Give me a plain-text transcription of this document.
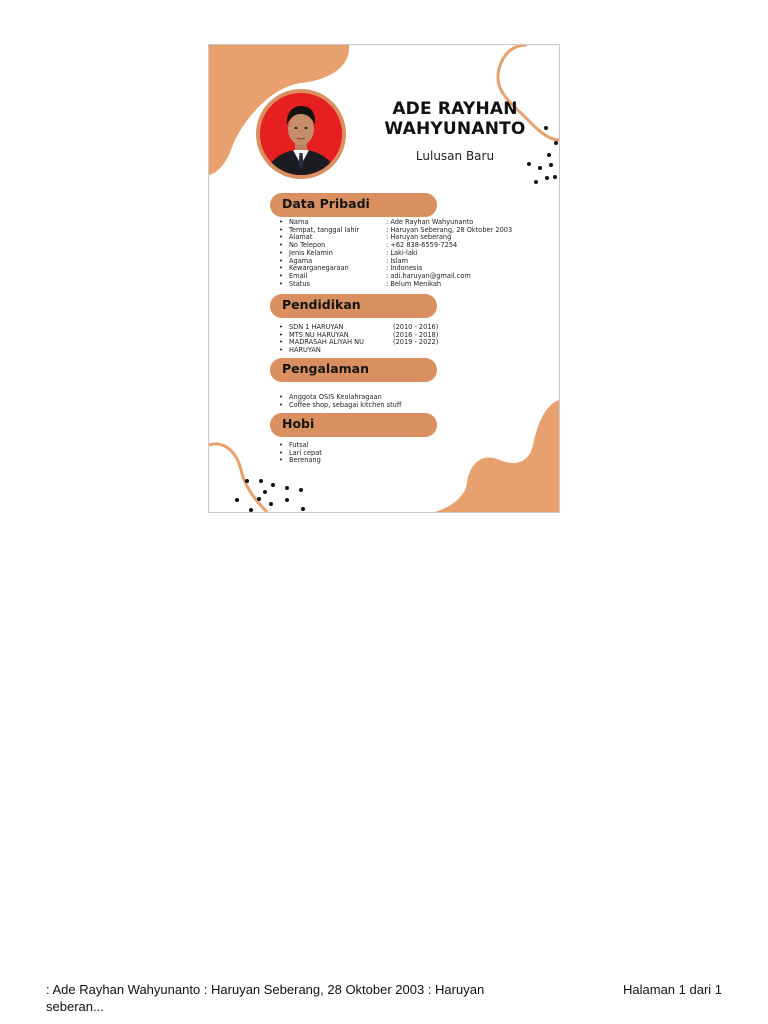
ADE RAYHAN
WAHYUNANTO
Lulusan Baru
Data Pribadi
• Nama
• Tempat, tanggal lahir
• Alamat
• No Telepon
• Jenis Kelamin
• Agama
• Kewarganegaraan
• Email
• Status
: Ade Rayhan Wahyunanto
: Haruyan Seberang, 28 Oktober 2003
: Haruyan seberang
: +62 838-6559-7254
: Laki-laki
: Islam
: Indonesia
: adi.haruyan@gmail.com
: Belum Menikah
Pendidikan
• SDN 1 HARUYAN
• MTS NU HARUYAN
• MADRASAH ALIYAH NU
• HARUYAN
(2010 - 2016)
(2016 - 2018)
(2019 - 2022)
Pengalaman
• Anggota OSIS Keolahragaan
• Coffee shop, sebagai kitchen stuff
Hobi
• Futsal
• Lari cepat
• Berenang
: Ade Rayhan Wahyunanto : Haruyan Seberang, 28 Oktober 2003 : Haruyan seberan...
Halaman 1 dari 1
